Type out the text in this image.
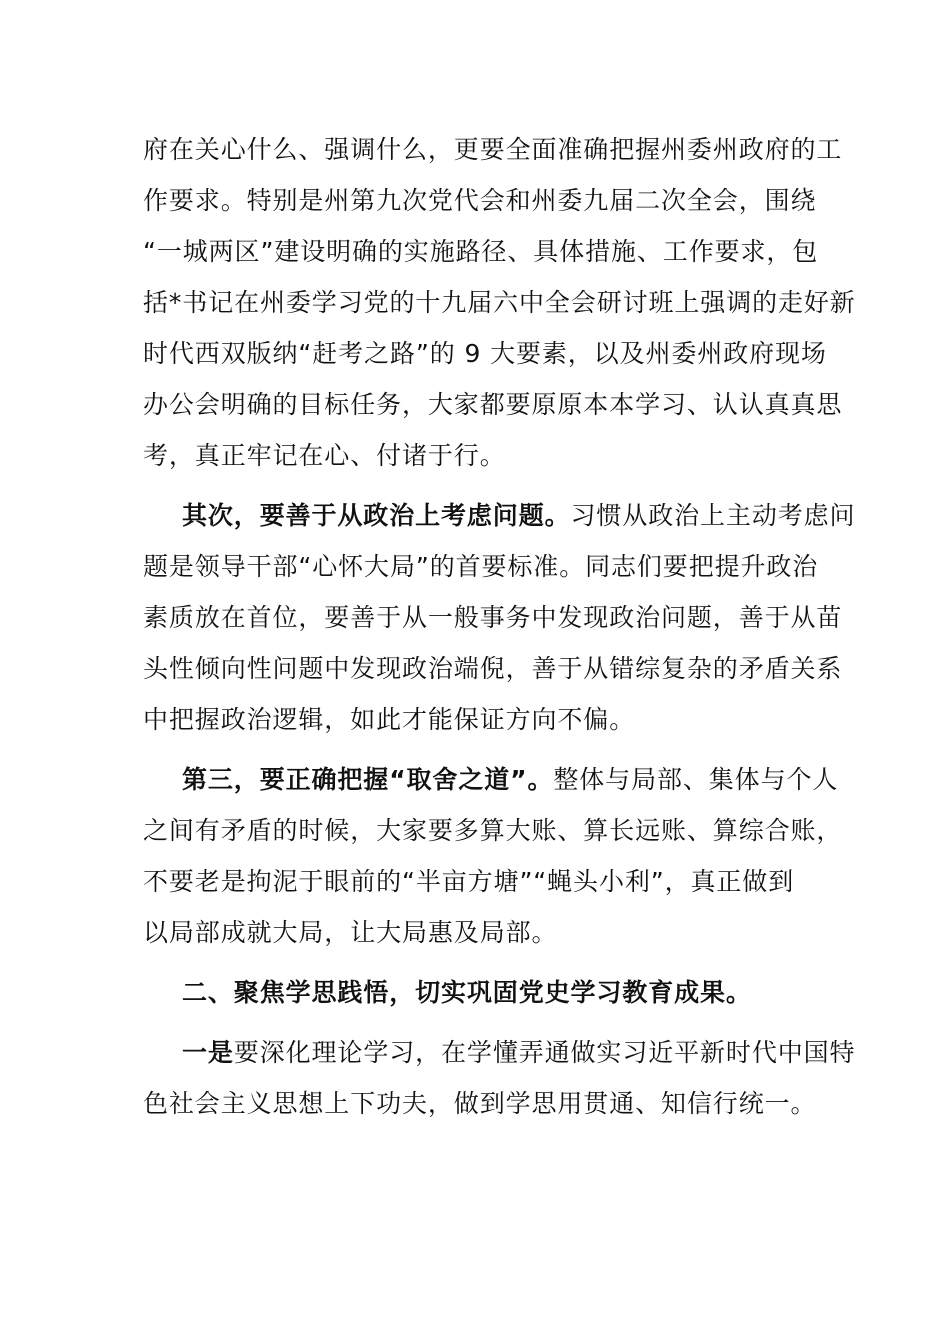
府在关心什么、强调什么，更要全面准确把握州委州政府的工
作要求。特别是州第九次党代会和州委九届二次全会，围绕
“一城两区”建设明确的实施路径、具体措施、工作要求，包
括*书记在州委学习党的十九届六中全会研讨班上强调的走好新
时代西双版纳“赶考之路”的 9 大要素，以及州委州政府现场
办公会明确的目标任务，大家都要原原本本学习、认认真真思
考，真正牢记在心、付诸于行。
其次，要善于从政治上考虑问题。习惯从政治上主动考虑问
题是领导干部“心怀大局”的首要标准。同志们要把提升政治
素质放在首位，要善于从一般事务中发现政治问题，善于从苗
头性倾向性问题中发现政治端倪，善于从错综复杂的矛盾关系
中把握政治逻辑，如此才能保证方向不偏。
第三，要正确把握“取舍之道”。整体与局部、集体与个人
之间有矛盾的时候，大家要多算大账、算长远账、算综合账，
不要老是拘泥于眼前的“半亩方塘”“蝇头小利”，真正做到
以局部成就大局，让大局惠及局部。
二、聚焦学思践悟，切实巩固党史学习教育成果。
一是要深化理论学习，在学懂弄通做实习近平新时代中国特
色社会主义思想上下功夫，做到学思用贯通、知信行统一。
